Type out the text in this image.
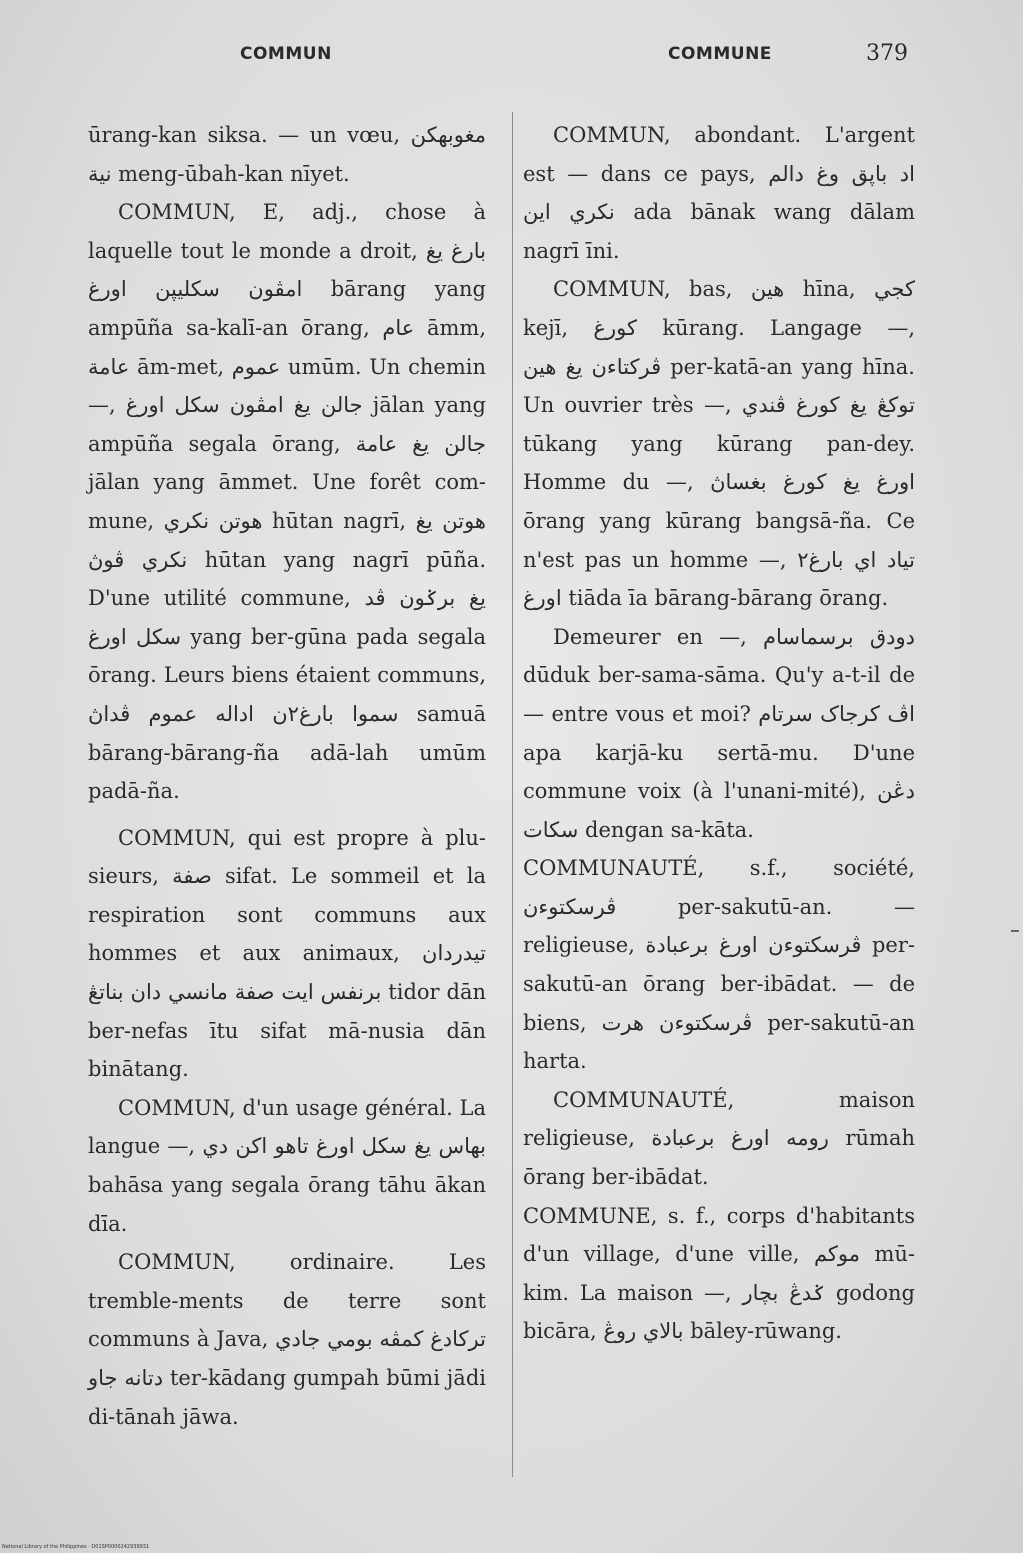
COMMUN	COMMUNE	379

ūrang-kan siksa. — un vœu, مغوبهکن نية meng-ūbah-kan nīyet.

COMMUN, E, adj., chose à laquelle tout le monde a droit, بارغ يغ امڤون سکليڽن اورغ bārang yang ampūña sa-kalī-an ōrang, عام āmm, عامة ām-met, عموم umūm. Un chemin —, جالن يغ امڤون سکل اورغ jālan yang ampūña segala ōrang, جالن يغ عامة jālan yang āmmet. Une forêt com-mune, هوتن نکري hūtan nagrī, هوتن يغ نکري ڤوڽ hūtan yang nagrī pūña. D'une utilité commune, يغ برݢون ڤد سکل اورغ yang ber-gūna pada segala ōrang. Leurs biens étaient communs, سموا بارغ٢ن اداله عموم ڤداڽ samuā bārang-bārang-ña adā-lah umūm padā-ña.

COMMUN, qui est propre à plu-sieurs, صفة sifat. Le sommeil et la respiration sont communs aux hommes et aux animaux, تيدردان برنفس ايت صفة مانسي دان بناتڠ tidor dān ber-nefas ītu sifat mā-nusia dān binātang.

COMMUN, d'un usage général. La langue —, بهاس يغ سکل اورغ تاهو اکن دي bahāsa yang segala ōrang tāhu ākan dīa.

COMMUN, ordinaire. Les tremble-ments de terre sont communs à Java, ترکادغ کمڤه بومي جادي دتانه جاو ter-kādang gumpah būmi jādi di-tānah jāwa.

COMMUN, abondant. L'argent est — dans ce pays, اد باڽق وغ دالم نکري اين ada bānak wang dālam nagrī īni.

COMMUN, bas, هين hīna, کجي kejī, کورغ kūrang. Langage —, ڤرکتاءن يغ هين per-katā-an yang hīna. Un ouvrier très —, توکڠ يغ کورغ ڤندي tūkang yang kūrang pan-dey. Homme du —, اورغ يغ کورغ بغساڽ ōrang yang kūrang bangsā-ña. Ce n'est pas un homme —, تياد اي بارغ٢ اورغ tiāda īa bārang-bārang ōrang.

Demeurer en —, دودق برسماسام dūduk ber-sama-sāma. Qu'y a-t-il de — entre vous et moi? اڤ کرجاک سرتام apa karjā-ku sertā-mu. D'une commune voix (à l'unani-mité), دڠن سکات dengan sa-kāta.

COMMUNAUTÉ, s.f., société, ڤرسکتوءن per-sakutū-an. — religieuse, ڤرسکتوءن اورغ برعبادة per-sakutū-an ōrang ber-ibādat. — de biens, ڤرسکتوءن هرت per-sakutū-an harta.

COMMUNAUTÉ, maison religieuse, رومه اورغ برعبادة rūmah ōrang ber-ibādat.

COMMUNE, s. f., corps d'habitants d'un village, d'une ville, موکم mū-kim. La maison —, ݢدڠ بچار godong bicāra, بالاي روڠ bāley-rūwang.

National Library of the Philippines · D01SP0000242939931
